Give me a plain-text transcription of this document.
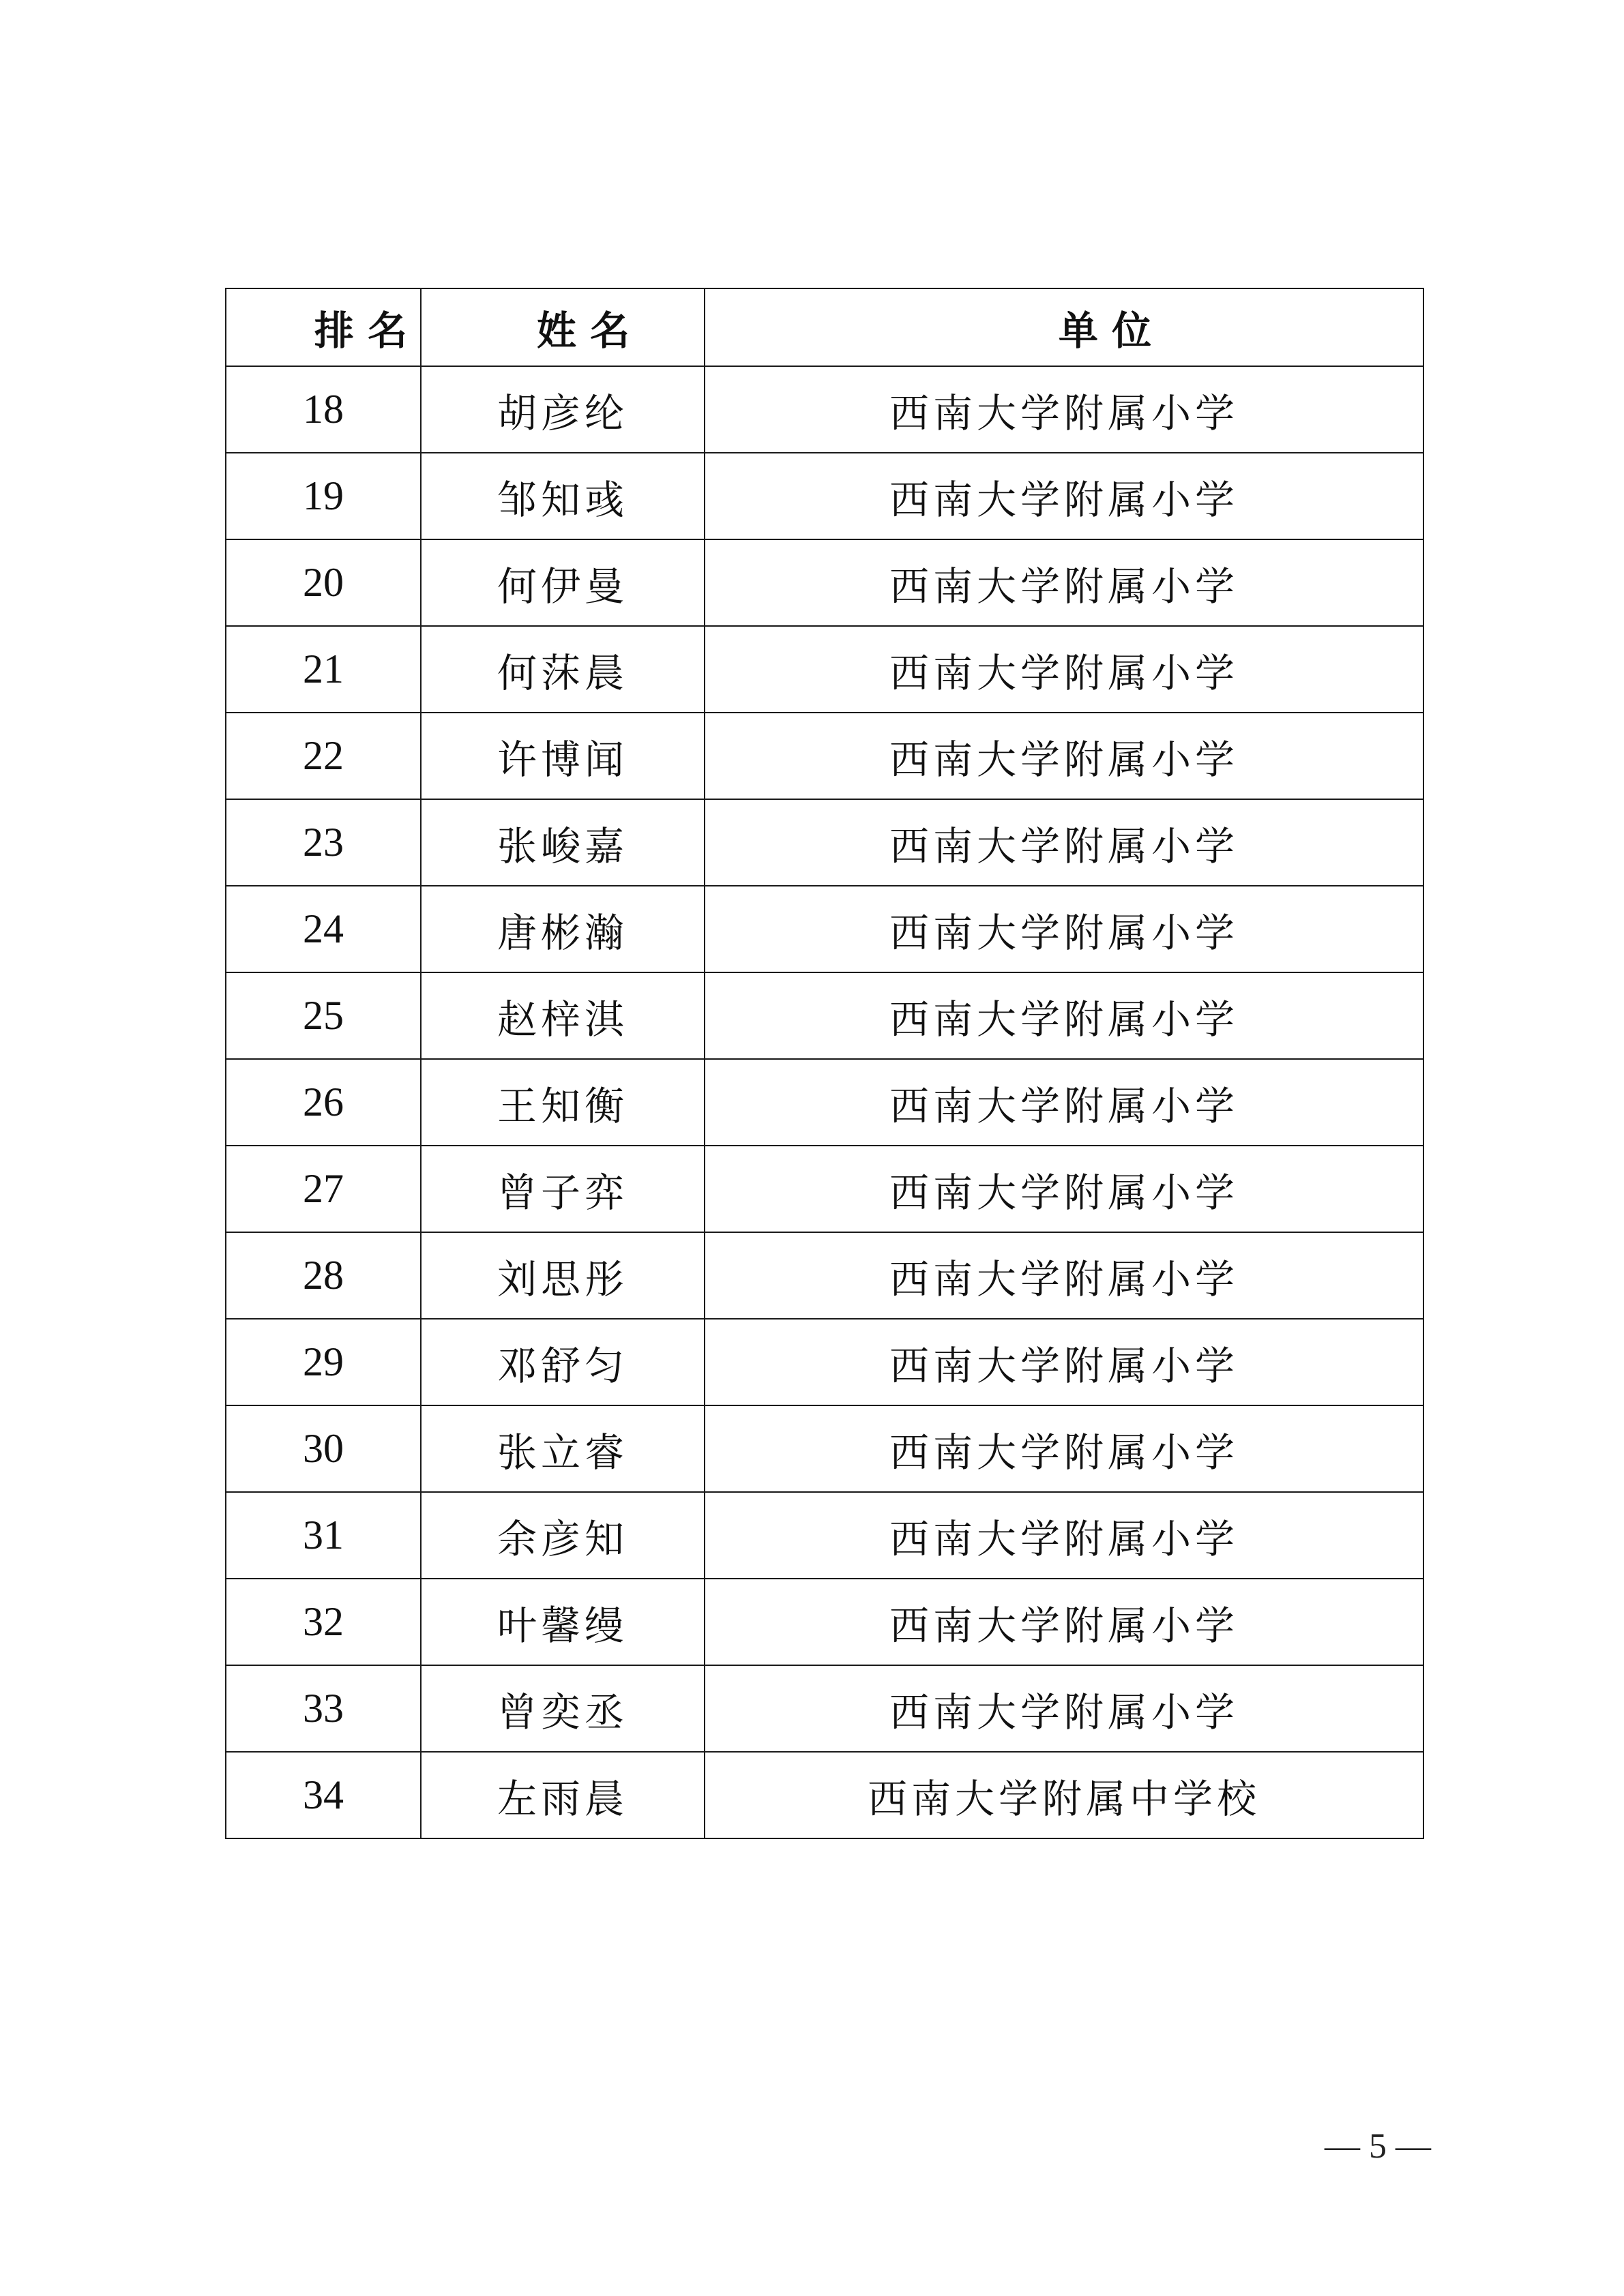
排 名	姓 名	单 位
18	胡彦纶	西南大学附属小学
19	邹知彧	西南大学附属小学
20	何伊曼	西南大学附属小学
21	何莯晨	西南大学附属小学
22	许博闻	西南大学附属小学
23	张峻嘉	西南大学附属小学
24	唐彬瀚	西南大学附属小学
25	赵梓淇	西南大学附属小学
26	王知衡	西南大学附属小学
27	曾子弈	西南大学附属小学
28	刘思彤	西南大学附属小学
29	邓舒匀	西南大学附属小学
30	张立睿	西南大学附属小学
31	余彦知	西南大学附属小学
32	叶馨缦	西南大学附属小学
33	曾奕丞	西南大学附属小学
34	左雨晨	西南大学附属中学校
— 5 —
